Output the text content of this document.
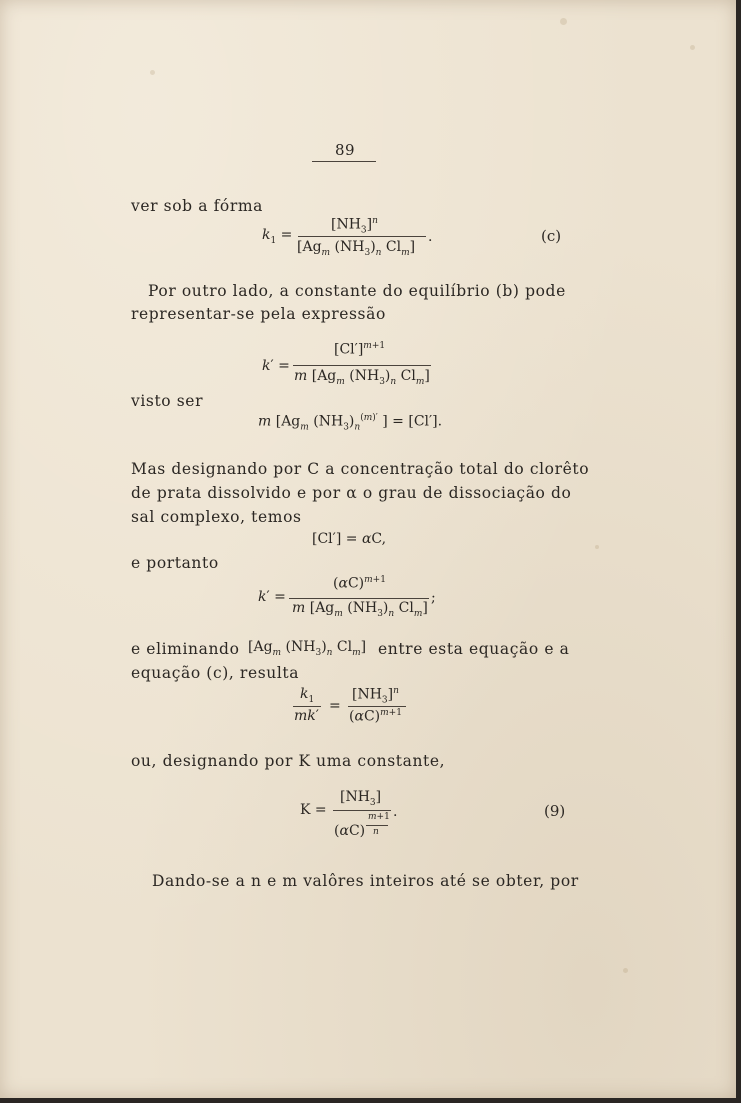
89
ver sob a fórma
$k_1$ =
$[NH_3]^n$
[$Ag_m$ $(NH_3)_n$ $Cl_m$]
.	(c)
Por outro lado, a constante do equilíbrio (b) pode
representar-se pela expressão
k′ =
$[Cl']^{m+1}$
m [$Ag_m$ $(NH_3)_n$ $Cl_m$]
visto ser
m [$Ag_m$ $(NH_3)_n^{(m)'}$ ] = [Cl′].
Mas designando por C a concentração total do clorêto
de prata dissolvido e por α o grau de dissociação do
sal complexo, temos
[Cl′] = αC,
e portanto
k′ =
$(\alpha C)^{m+1}$
m [$Ag_m$ $(NH_3)_n$ $Cl_m$]
;
e eliminando [$Ag_m$ $(NH_3)_n$ $Cl_m$] entre esta equação e a
equação (c), resulta
$k_1$
mk′
=
$[NH_3]^n$
$(\alpha C)^{m+1}$
ou, designando por K uma constante,
K =
$[NH_3]$
(αC)
m+1
n
.	(9)
Dando-se a n e m valôres inteiros até se obter, por
